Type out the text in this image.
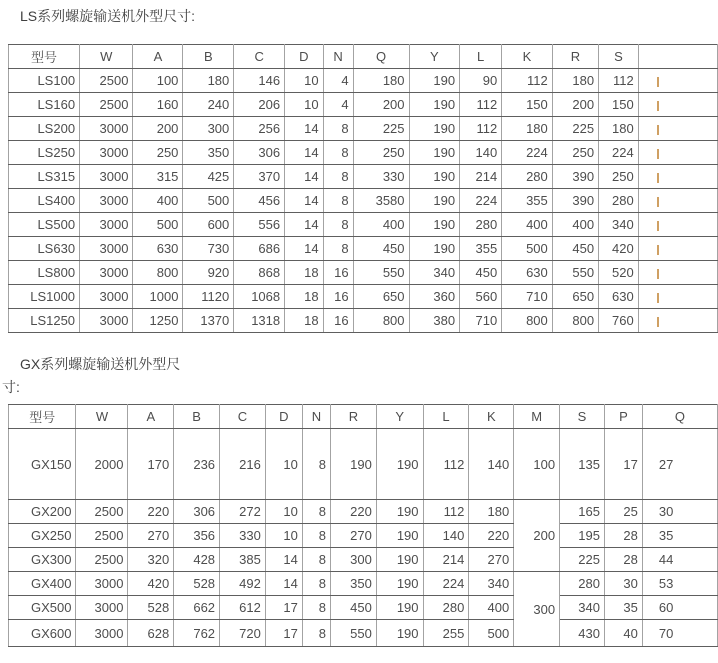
LS系列螺旋输送机外型尺寸:
型号	W	A	B	C	D	N	Q	Y	L	K	R	S	
LS100	2500	100	180	146	10	4	180	190	90	112	180	112	
LS160	2500	160	240	206	10	4	200	190	112	150	200	150	
LS200	3000	200	300	256	14	8	225	190	112	180	225	180	
LS250	3000	250	350	306	14	8	250	190	140	224	250	224	
LS315	3000	315	425	370	14	8	330	190	214	280	390	250	
LS400	3000	400	500	456	14	8	3580	190	224	355	390	280	
LS500	3000	500	600	556	14	8	400	190	280	400	400	340	
LS630	3000	630	730	686	14	8	450	190	355	500	450	420	
LS800	3000	800	920	868	18	16	550	340	450	630	550	520	
LS1000	3000	1000	1120	1068	18	16	650	360	560	710	650	630	
LS1250	3000	1250	1370	1318	18	16	800	380	710	800	800	760	
GX系列螺旋输送机外型尺
寸:
型号	W	A	B	C	D	N	R	Y	L	K	M	S	P	Q
GX150	2000	170	236	216	10	8	190	190	112	140	100	135	17	27
GX200	2500	220	306	272	10	8	220	190	112	180	200	165	25	30
GX250	2500	270	356	330	10	8	270	190	140	220		195	28	35
GX300	2500	320	428	385	14	8	300	190	214	270		225	28	44
GX400	3000	420	528	492	14	8	350	190	224	340	300	280	30	53
GX500	3000	528	662	612	17	8	450	190	280	400		340	35	60
GX600	3000	628	762	720	17	8	550	190	255	500		430	40	70
